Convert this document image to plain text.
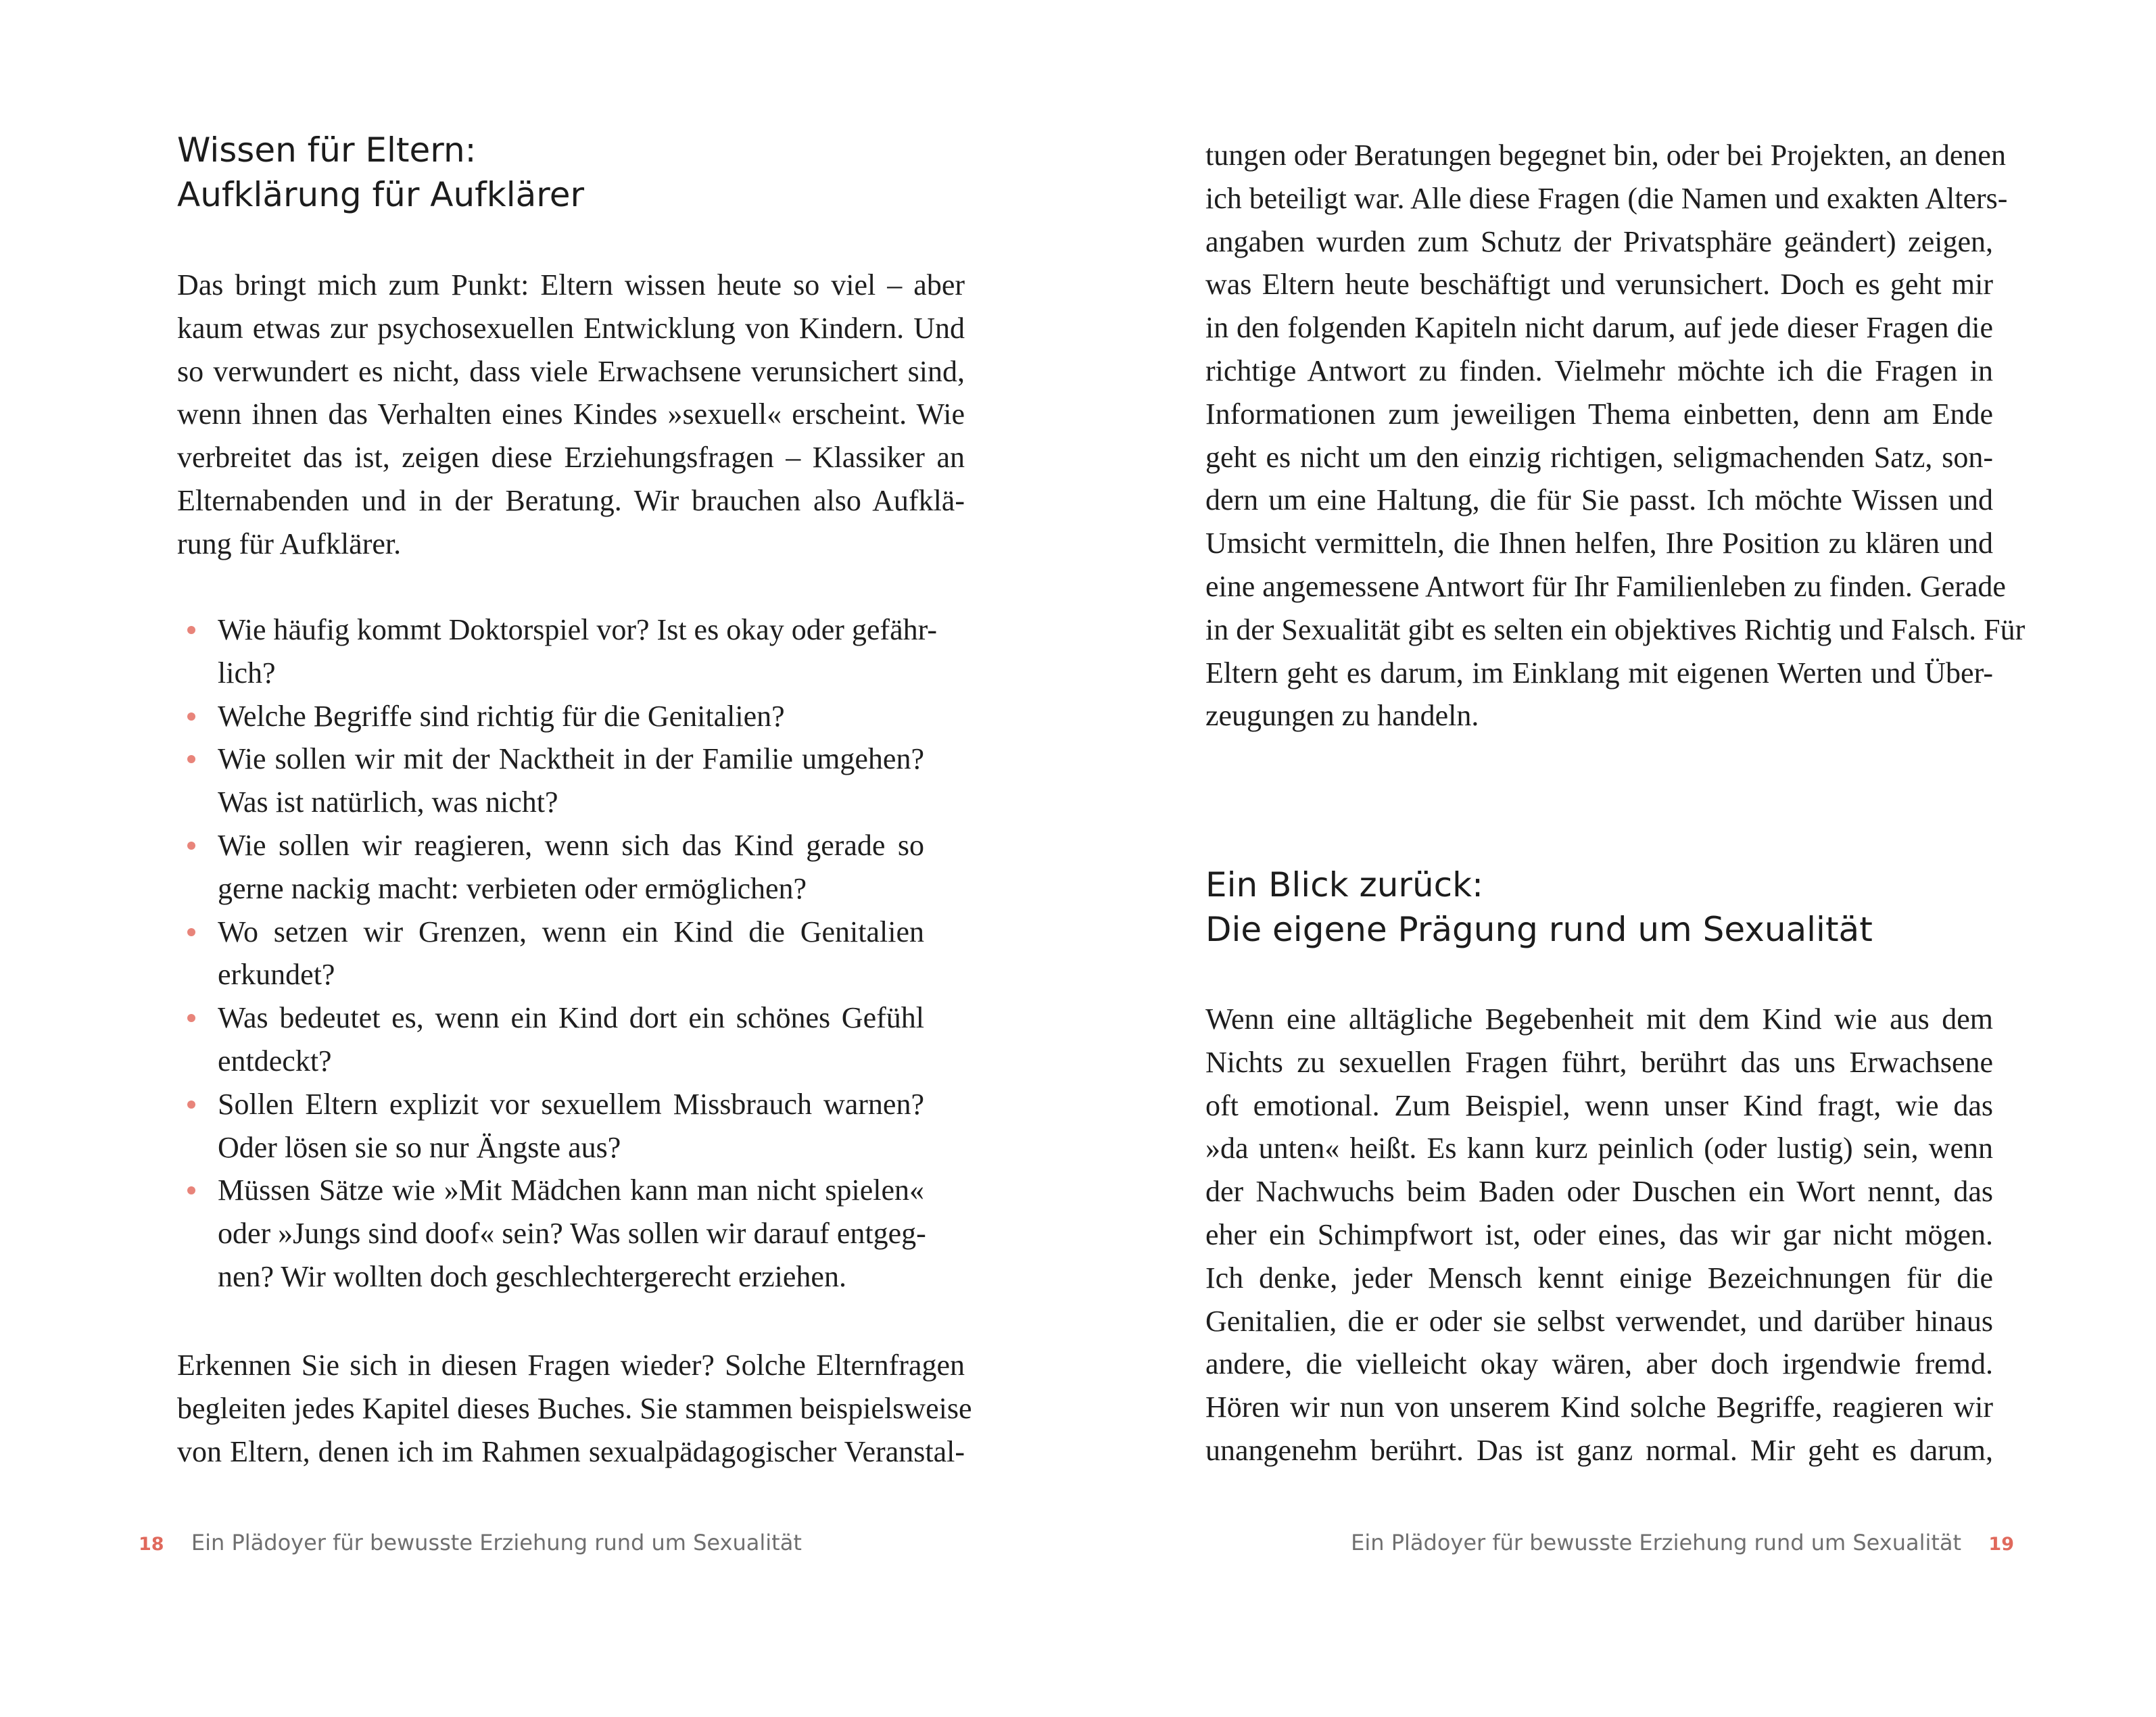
Wissen für Eltern:
Aufklärung für Aufklärer
Das bringt mich zum Punkt: Eltern wissen heute so viel – aber
kaum etwas zur psychosexuellen Entwicklung von Kindern. Und
so verwundert es nicht, dass viele Erwachsene verunsichert sind,
wenn ihnen das Verhalten eines Kindes »sexuell« erscheint. Wie
verbreitet das ist, zeigen diese Erziehungsfragen – Klassiker an
Elternabenden und in der Beratung. Wir brauchen also Aufklä-
rung für Aufklärer.
Wie häufig kommt Doktorspiel vor? Ist es okay oder gefähr-
lich?
Welche Begriffe sind richtig für die Genitalien?
Wie sollen wir mit der Nacktheit in der Familie umgehen?
Was ist natürlich, was nicht?
Wie sollen wir reagieren, wenn sich das Kind gerade so
gerne nackig macht: verbieten oder ermöglichen?
Wo setzen wir Grenzen, wenn ein Kind die Genitalien
erkundet?
Was bedeutet es, wenn ein Kind dort ein schönes Gefühl
entdeckt?
Sollen Eltern explizit vor sexuellem Missbrauch warnen?
Oder lösen sie so nur Ängste aus?
Müssen Sätze wie »Mit Mädchen kann man nicht spielen«
oder »Jungs sind doof« sein? Was sollen wir darauf entgeg-
nen? Wir wollten doch geschlechtergerecht erziehen.
Erkennen Sie sich in diesen Fragen wieder? Solche Elternfragen
begleiten jedes Kapitel dieses Buches. Sie stammen beispielsweise
von Eltern, denen ich im Rahmen sexualpädagogischer Veranstal-
18 Ein Plädoyer für bewusste Erziehung rund um Sexualität
tungen oder Beratungen begegnet bin, oder bei Projekten, an denen
ich beteiligt war. Alle diese Fragen (die Namen und exakten Alters-
angaben wurden zum Schutz der Privatsphäre geändert) zeigen,
was Eltern heute beschäftigt und verunsichert. Doch es geht mir
in den folgenden Kapiteln nicht darum, auf jede dieser Fragen die
richtige Antwort zu finden. Vielmehr möchte ich die Fragen in
Informationen zum jeweiligen Thema einbetten, denn am Ende
geht es nicht um den einzig richtigen, seligmachenden Satz, son-
dern um eine Haltung, die für Sie passt. Ich möchte Wissen und
Umsicht vermitteln, die Ihnen helfen, Ihre Position zu klären und
eine angemessene Antwort für Ihr Familienleben zu finden. Gerade
in der Sexualität gibt es selten ein objektives Richtig und Falsch. Für
Eltern geht es darum, im Einklang mit eigenen Werten und Über-
zeugungen zu handeln.
Ein Blick zurück:
Die eigene Prägung rund um Sexualität
Wenn eine alltägliche Begebenheit mit dem Kind wie aus dem
Nichts zu sexuellen Fragen führt, berührt das uns Erwachsene
oft emotional. Zum Beispiel, wenn unser Kind fragt, wie das
»da unten« heißt. Es kann kurz peinlich (oder lustig) sein, wenn
der Nachwuchs beim Baden oder Duschen ein Wort nennt, das
eher ein Schimpfwort ist, oder eines, das wir gar nicht mögen.
Ich denke, jeder Mensch kennt einige Bezeichnungen für die
Genitalien, die er oder sie selbst verwendet, und darüber hinaus
andere, die vielleicht okay wären, aber doch irgendwie fremd.
Hören wir nun von unserem Kind solche Begriffe, reagieren wir
unangenehm berührt. Das ist ganz normal. Mir geht es darum,
Ein Plädoyer für bewusste Erziehung rund um Sexualität 19
